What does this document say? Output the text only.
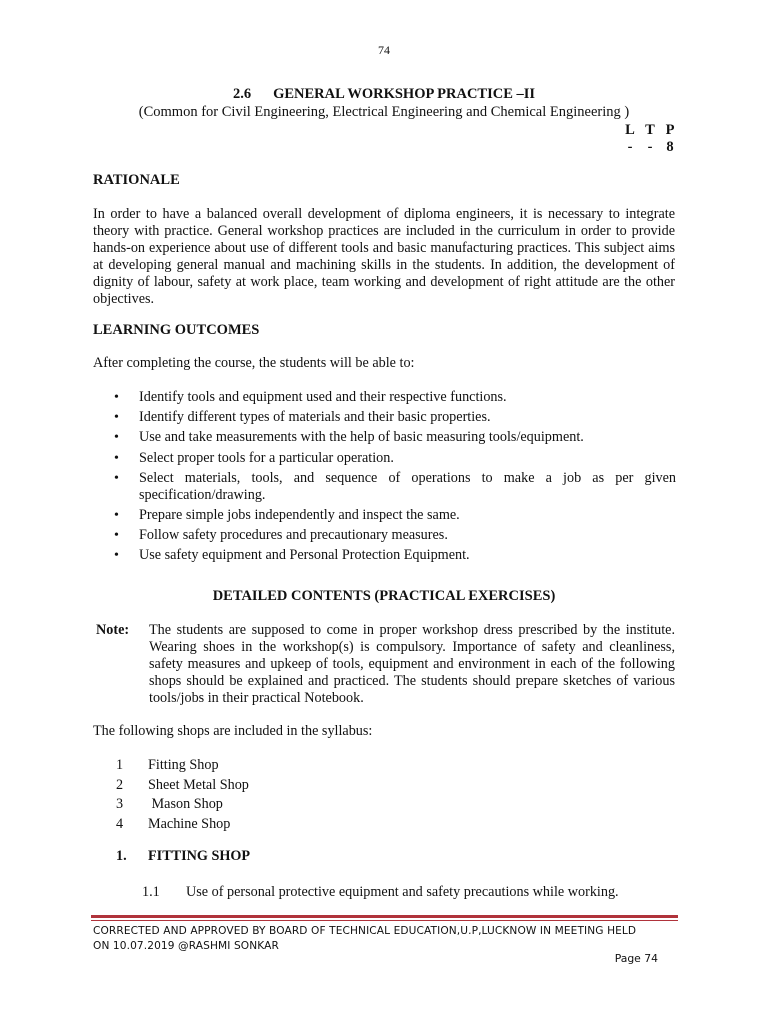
74
2.6 GENERAL WORKSHOP PRACTICE –II
(Common for Civil Engineering, Electrical Engineering and Chemical Engineering )
L T P
-	- 8
RATIONALE
In order to have a balanced overall development of diploma engineers, it is necessary to integrate theory with practice. General workshop practices are included in the curriculum in order to provide hands-on experience about use of different tools and basic manufacturing practices. This subject aims at developing general manual and machining skills in the students. In addition, the development of dignity of labour, safety at work place, team working and development of right attitude are the other objectives.
LEARNING OUTCOMES
After completing the course, the students will be able to:
• Identify tools and equipment used and their respective functions.
• Identify different types of materials and their basic properties.
• Use and take measurements with the help of basic measuring tools/equipment.
• Select proper tools for a particular operation.
• Select materials, tools, and sequence of operations to make a job as per given specification/drawing.
• Prepare simple jobs independently and inspect the same.
• Follow safety procedures and precautionary measures.
• Use safety equipment and Personal Protection Equipment.
DETAILED CONTENTS (PRACTICAL EXERCISES)
Note: The students are supposed to come in proper workshop dress prescribed by the institute. Wearing shoes in the workshop(s) is compulsory. Importance of safety and cleanliness, safety measures and upkeep of tools, equipment and environment in each of the following shops should be explained and practiced. The students should prepare sketches of various tools/jobs in their practical Notebook.
The following shops are included in the syllabus:
1	Fitting Shop
2	Sheet Metal Shop
3	Mason Shop
4	Machine Shop
1.	FITTING SHOP
1.1	Use of personal protective equipment and safety precautions while working.
CORRECTED AND APPROVED BY BOARD OF TECHNICAL EDUCATION,U.P,LUCKNOW IN MEETING HELD
ON 10.07.2019 @RASHMI SONKAR
Page 74
